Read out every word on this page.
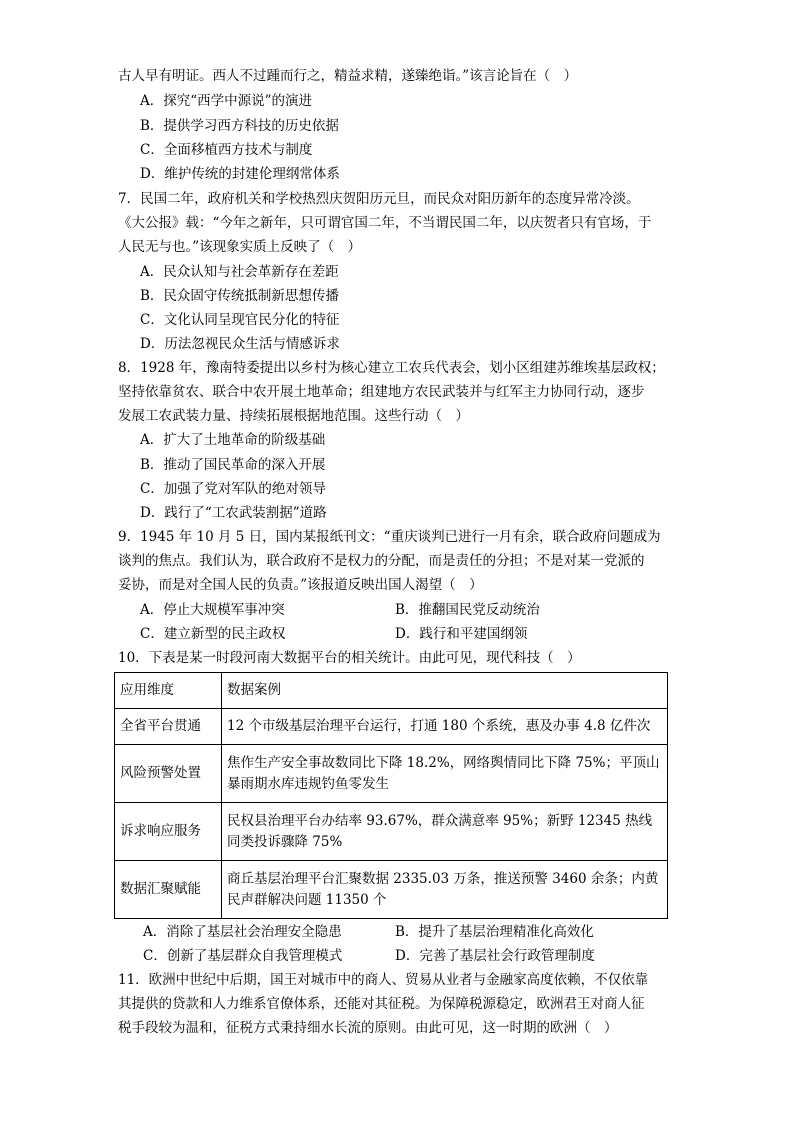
古人早有明证。西人不过踵而行之，精益求精，遂臻绝诣。”该言论旨在（　）
A．探究“西学中源说”的演进
B．提供学习西方科技的历史依据
C．全面移植西方技术与制度
D．维护传统的封建伦理纲常体系
7．民国二年，政府机关和学校热烈庆贺阳历元旦，而民众对阳历新年的态度异常冷淡。
《大公报》载：“今年之新年，只可谓官国二年，不当谓民国二年，以庆贺者只有官场，于
人民无与也。”该现象实质上反映了（　）
A．民众认知与社会革新存在差距
B．民众固守传统抵制新思想传播
C．文化认同呈现官民分化的特征
D．历法忽视民众生活与情感诉求
8．1928 年，豫南特委提出以乡村为核心建立工农兵代表会，划小区组建苏维埃基层政权；
坚持依靠贫农、联合中农开展土地革命；组建地方农民武装并与红军主力协同行动，逐步
发展工农武装力量、持续拓展根据地范围。这些行动（　）
A．扩大了土地革命的阶级基础
B．推动了国民革命的深入开展
C．加强了党对军队的绝对领导
D．践行了“工农武装割据”道路
9．1945 年 10 月 5 日，国内某报纸刊文：“重庆谈判已进行一月有余，联合政府问题成为
谈判的焦点。我们认为，联合政府不是权力的分配，而是责任的分担；不是对某一党派的
妥协，而是对全国人民的负责。”该报道反映出国人渴望（　）
A．停止大规模军事冲突	B．推翻国民党反动统治
C．建立新型的民主政权	D．践行和平建国纲领
10．下表是某一时段河南大数据平台的相关统计。由此可见，现代科技（　）
应用维度	数据案例
全省平台贯通	12 个市级基层治理平台运行，打通 180 个系统，惠及办事 4.8 亿件次
风险预警处置	焦作生产安全事故数同比下降 18.2%，网络舆情同比下降 75%；平顶山暴雨期水库违规钓鱼零发生
诉求响应服务	民权县治理平台办结率 93.67%，群众满意率 95%；新野 12345 热线同类投诉骤降 75%
数据汇聚赋能	商丘基层治理平台汇聚数据 2335.03 万条，推送预警 3460 余条；内黄民声群解决问题 11350 个
A．消除了基层社会治理安全隐患	B．提升了基层治理精准化高效化
C．创新了基层群众自我管理模式	D．完善了基层社会行政管理制度
11．欧洲中世纪中后期，国王对城市中的商人、贸易从业者与金融家高度依赖，不仅依靠
其提供的贷款和人力维系官僚体系，还能对其征税。为保障税源稳定，欧洲君王对商人征
税手段较为温和，征税方式秉持细水长流的原则。由此可见，这一时期的欧洲（　）
